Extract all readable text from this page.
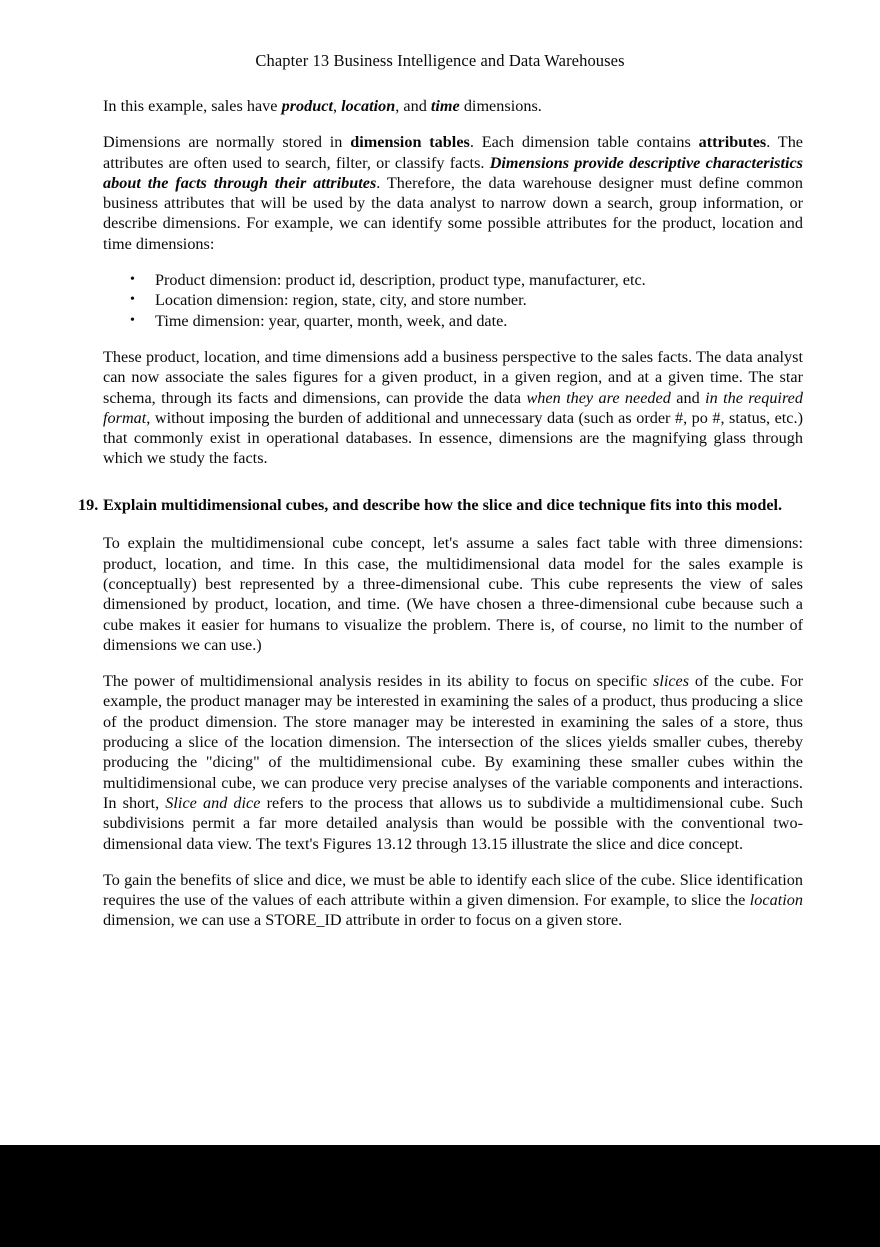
Chapter 13 Business Intelligence and Data Warehouses

In this example, sales have product, location, and time dimensions.

Dimensions are normally stored in dimension tables. Each dimension table contains attributes. The attributes are often used to search, filter, or classify facts. Dimensions provide descriptive characteristics about the facts through their attributes. Therefore, the data warehouse designer must define common business attributes that will be used by the data analyst to narrow down a search, group information, or describe dimensions. For example, we can identify some possible attributes for the product, location and time dimensions:

• Product dimension: product id, description, product type, manufacturer, etc.
• Location dimension: region, state, city, and store number.
• Time dimension: year, quarter, month, week, and date.

These product, location, and time dimensions add a business perspective to the sales facts. The data analyst can now associate the sales figures for a given product, in a given region, and at a given time. The star schema, through its facts and dimensions, can provide the data when they are needed and in the required format, without imposing the burden of additional and unnecessary data (such as order #, po #, status, etc.) that commonly exist in operational databases. In essence, dimensions are the magnifying glass through which we study the facts.

19. Explain multidimensional cubes, and describe how the slice and dice technique fits into this model.

To explain the multidimensional cube concept, let's assume a sales fact table with three dimensions: product, location, and time. In this case, the multidimensional data model for the sales example is (conceptually) best represented by a three-dimensional cube. This cube represents the view of sales dimensioned by product, location, and time. (We have chosen a three-dimensional cube because such a cube makes it easier for humans to visualize the problem. There is, of course, no limit to the number of dimensions we can use.)

The power of multidimensional analysis resides in its ability to focus on specific slices of the cube. For example, the product manager may be interested in examining the sales of a product, thus producing a slice of the product dimension. The store manager may be interested in examining the sales of a store, thus producing a slice of the location dimension. The intersection of the slices yields smaller cubes, thereby producing the "dicing" of the multidimensional cube. By examining these smaller cubes within the multidimensional cube, we can produce very precise analyses of the variable components and interactions. In short, Slice and dice refers to the process that allows us to subdivide a multidimensional cube. Such subdivisions permit a far more detailed analysis than would be possible with the conventional two-dimensional data view. The text's Figures 13.12 through 13.15 illustrate the slice and dice concept.

To gain the benefits of slice and dice, we must be able to identify each slice of the cube. Slice identification requires the use of the values of each attribute within a given dimension. For example, to slice the location dimension, we can use a STORE_ID attribute in order to focus on a given store.
